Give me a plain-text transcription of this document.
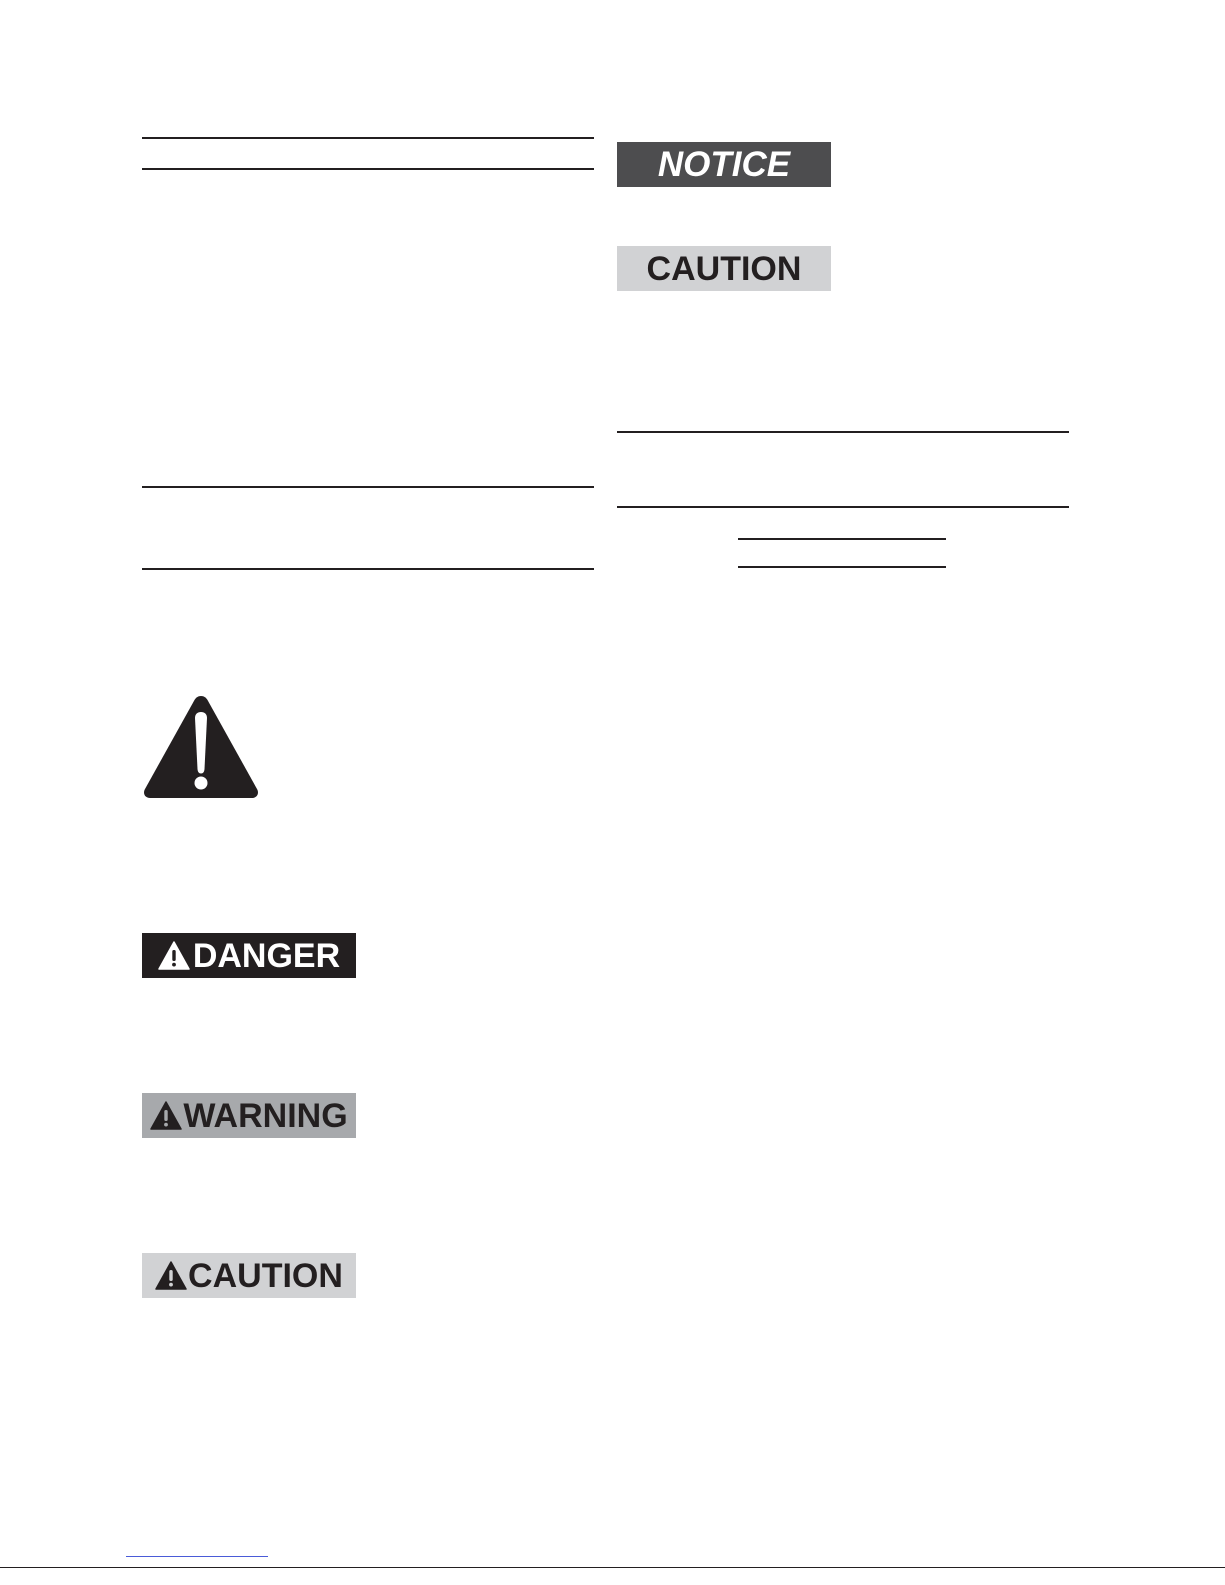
NOTICE
CAUTION
DANGER
WARNING
CAUTION
